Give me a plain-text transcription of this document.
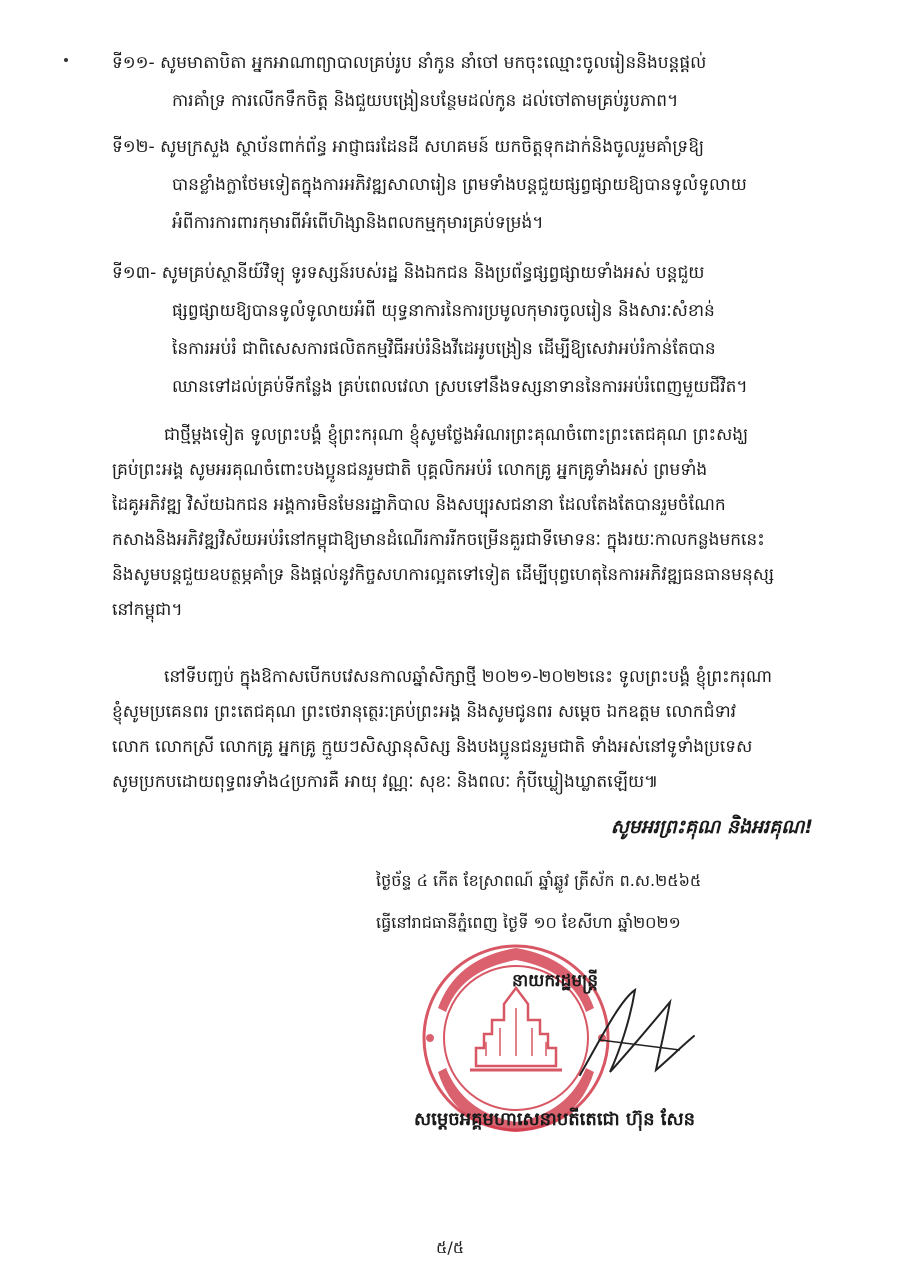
ទី១១- សូមមាតាបិតា អ្នកអាណាព្យាបាលគ្រប់រូប នាំកូន នាំចៅ មកចុះឈ្មោះចូលរៀននិងបន្តផ្តល់
ការគាំទ្រ ការលើកទឹកចិត្ត និងជួយបង្រៀនបន្ថែមដល់កូន ដល់ចៅតាមគ្រប់រូបភាព។
ទី១២- សូមក្រសួង ស្ថាប័នពាក់ព័ន្ធ អាជ្ញាធរដែនដី សហគមន៍ យកចិត្តទុកដាក់និងចូលរួមគាំទ្រឱ្យ
បានខ្លាំងក្លាថែមទៀតក្នុងការអភិវឌ្ឍសាលារៀន ព្រមទាំងបន្តជួយផ្សព្វផ្សាយឱ្យបានទូលំទូលាយ
អំពីការការពារកុមារពីអំពើហិង្សានិងពលកម្មកុមារគ្រប់ទម្រង់។
ទី១៣- សូមគ្រប់ស្ថានីយ៍វិទ្យុ ទូរទស្សន៍របស់រដ្ឋ និងឯកជន និងប្រព័ន្ធផ្សព្វផ្សាយទាំងអស់ បន្តជួយ
ផ្សព្វផ្សាយឱ្យបានទូលំទូលាយអំពី យុទ្ធនាការនៃការប្រមូលកុមារចូលរៀន និងសារៈសំខាន់
នៃការអប់រំ ជាពិសេសការផលិតកម្មវិធីអប់រំនិងវីដេអូបង្រៀន ដើម្បីឱ្យសេវាអប់រំកាន់តែបាន
ឈានទៅដល់គ្រប់ទីកន្លែង គ្រប់ពេលវេលា ស្របទៅនឹងទស្សនាទាននៃការអប់រំពេញមួយជីវិត។
ជាថ្មីម្តងទៀត ទូលព្រះបង្គំ ខ្ញុំព្រះករុណា ខ្ញុំសូមថ្លែងអំណរព្រះគុណចំពោះព្រះតេជគុណ ព្រះសង្ឃ
គ្រប់ព្រះអង្គ សូមអរគុណចំពោះបងប្អូនជនរួមជាតិ បុគ្គលិកអប់រំ លោកគ្រូ អ្នកគ្រូទាំងអស់ ព្រមទាំង
ដៃគូអភិវឌ្ឍ វិស័យឯកជន អង្គការមិនមែនរដ្ឋាភិបាល និងសប្បុរសជនានា ដែលតែងតែបានរួមចំណែក
កសាងនិងអភិវឌ្ឍវិស័យអប់រំនៅកម្ពុជាឱ្យមានដំណើរការរីកចម្រើនគួរជាទីមោទនៈ ក្នុងរយៈកាលកន្លងមកនេះ
និងសូមបន្តជួយឧបត្ថម្ភគាំទ្រ និងផ្តល់នូវកិច្ចសហការល្អតទៅទៀត ដើម្បីបុព្វហេតុនៃការអភិវឌ្ឍធនធានមនុស្ស
នៅកម្ពុជា។
នៅទីបញ្ចប់ ក្នុងឱកាសបើកបវេសនកាលឆ្នាំសិក្សាថ្មី ២០២១-២០២២នេះ ទូលព្រះបង្គំ ខ្ញុំព្រះករុណា
ខ្ញុំសូមប្រគេនពរ ព្រះតេជគុណ ព្រះថេរានុត្ថេរៈគ្រប់ព្រះអង្គ និងសូមជូនពរ សម្តេច ឯកឧត្តម លោកជំទាវ
លោក លោកស្រី លោកគ្រូ អ្នកគ្រូ ក្មួយៗសិស្សានុសិស្ស និងបងប្អូនជនរួមជាតិ ទាំងអស់នៅទូទាំងប្រទេស
សូមប្រកបដោយពុទ្ធពរទាំង៤ប្រការគឺ អាយុ វណ្ណៈ សុខៈ និងពលៈ កុំបីឃ្លៀងឃ្លាតឡើយ៕
សូមអរព្រះគុណ និងអរគុណ!
ថ្ងៃច័ន្ទ ៤ កើត ខែស្រាពណ៍ ឆ្នាំឆ្លូវ ត្រីស័ក ព.ស.២៥៦៥
ធ្វើនៅរាជធានីភ្នំពេញ ថ្ងៃទី ១០ ខែសីហា ឆ្នាំ២០២១
នាយករដ្ឋមន្ត្រី
សម្តេចអគ្គមហាសេនាបតីតេជោ ហ៊ុន សែន
៥/៥
